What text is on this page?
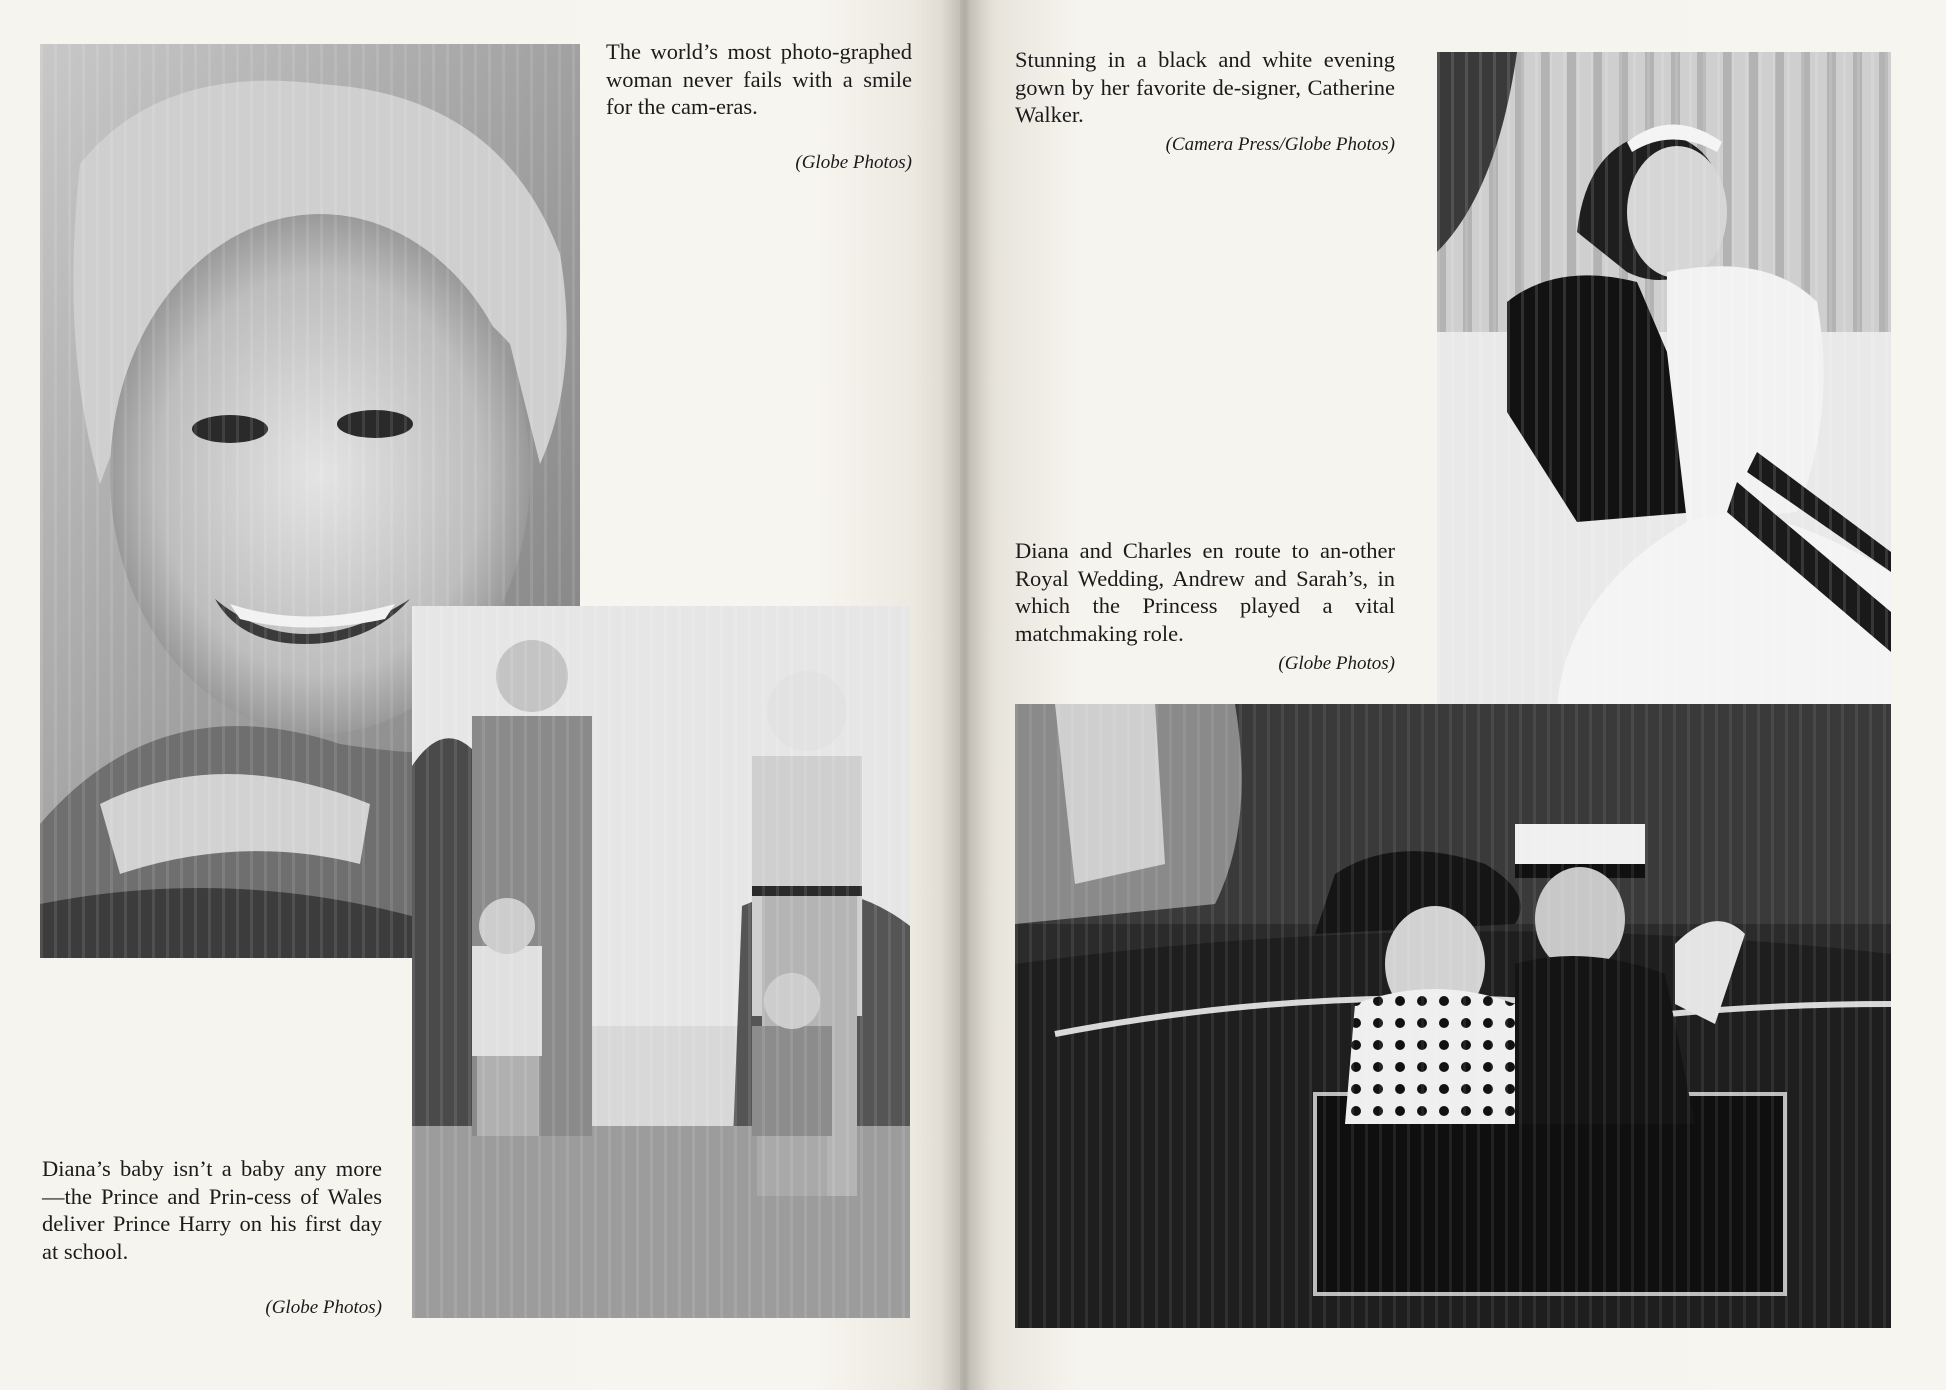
The world’s most photo-graphed woman never fails with a smile for the cam-eras.
(Globe Photos)
Diana’s baby isn’t a baby any more—the Prince and Prin-cess of Wales deliver Prince Harry on his first day at school.
(Globe Photos)
Stunning in a black and white evening gown by her favorite de-signer, Catherine Walker.
(Camera Press/Globe Photos)
Diana and Charles en route to an-other Royal Wedding, Andrew and Sarah’s, in which the Princess played a vital matchmaking role.
(Globe Photos)
